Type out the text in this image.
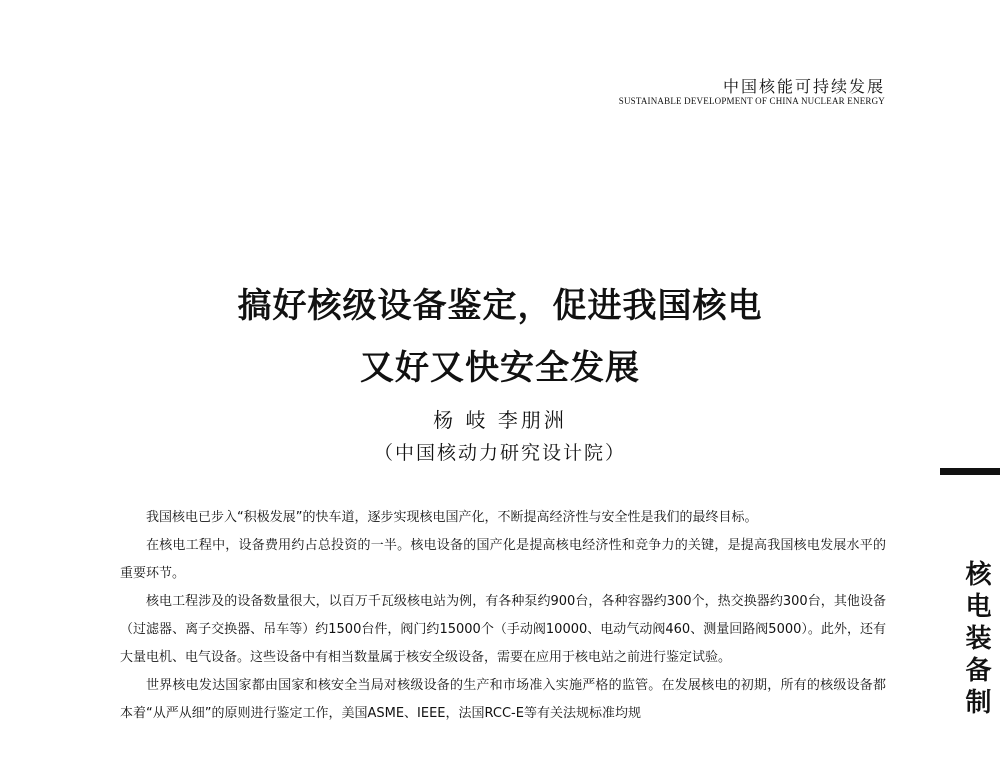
中国核能可持续发展
SUSTAINABLE DEVELOPMENT OF CHINA NUCLEAR ENERGY
搞好核级设备鉴定，促进我国核电
又好又快安全发展
杨 岐 李朋洲
（中国核动力研究设计院）

我国核电已步入“积极发展”的快车道，逐步实现核电国产化，不断提高经济性与安全性是我们的最终目标。

在核电工程中，设备费用约占总投资的一半。核电设备的国产化是提高核电经济性和竞争力的关键，是提高我国核电发展水平的重要环节。

核电工程涉及的设备数量很大，以百万千瓦级核电站为例，有各种泵约900台，各种容器约300个，热交换器约300台，其他设备（过滤器、离子交换器、吊车等）约1500台件，阀门约15000个（手动阀10000、电动气动阀460、测量回路阀5000）。此外，还有大量电机、电气设备。这些设备中有相当数量属于核安全级设备，需要在应用于核电站之前进行鉴定试验。

世界核电发达国家都由国家和核安全当局对核级设备的生产和市场准入实施严格的监管。在发展核电的初期，所有的核级设备都本着“从严从细”的原则进行鉴定工作，美国ASME、IEEE，法国RCC-E等有关法规标准均规	核电装备制
